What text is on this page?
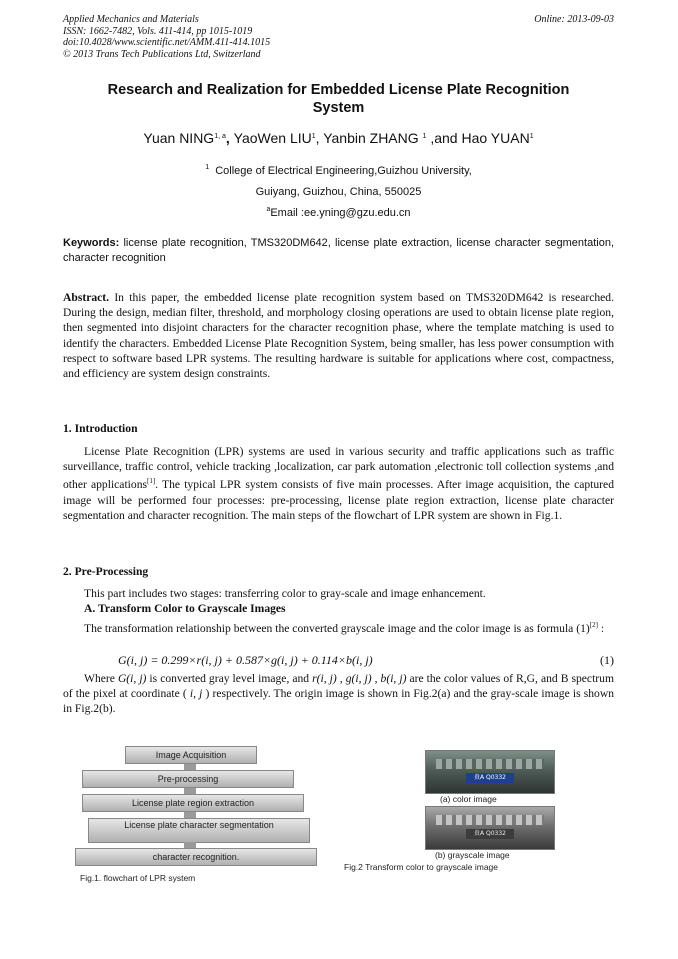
Applied Mechanics and Materials
ISSN: 1662-7482, Vols. 411-414, pp 1015-1019
doi:10.4028/www.scientific.net/AMM.411-414.1015
© 2013 Trans Tech Publications Ltd, Switzerland
Online: 2013-09-03
Research and Realization for Embedded License Plate Recognition
System
Yuan NING$^{1, a}$, YaoWen LIU$^1$, Yanbin ZHANG $^1$ ,and Hao YUAN$^1$
$^1$ College of Electrical Engineering,Guizhou University,
Guiyang, Guizhou, China, 550025
$^a$Email :ee.yning@gzu.edu.cn
Keywords: license plate recognition, TMS320DM642, license plate extraction, license character segmentation, character recognition
Abstract. In this paper, the embedded license plate recognition system based on TMS320DM642 is researched. During the design, median filter, threshold, and morphology closing operations are used to obtain license plate region, then segmented into disjoint characters for the character recognition phase, where the template matching is used to identify the characters. Embedded License Plate Recognition System, being smaller, has less power consumption with respect to software based LPR systems. The resulting hardware is suitable for applications where cost, compactness, and efficiency are system design constraints.
1. Introduction
License Plate Recognition (LPR) systems are used in various security and traffic applications such as traffic surveillance, traffic control, vehicle tracking ,localization, car park automation ,electronic toll collection systems ,and other applications[1]. The typical LPR system consists of five main processes. After image acquisition, the captured image will be performed four processes: pre-processing, license plate region extraction, license plate character segmentation and character recognition. The main steps of the flowchart of LPR system are shown in Fig.1.
2. Pre-Processing
This part includes two stages: transferring color to gray-scale and image enhancement.
A. Transform Color to Grayscale Images
The transformation relationship between the converted grayscale image and the color image is as formula (1)[2] :
G(i, j) = 0.299×r(i, j) + 0.587×g(i, j) + 0.114×b(i, j)	(1)
Where G(i, j) is converted gray level image, and r(i, j) , g(i, j) , b(i, j) are the color values of R,G, and B spectrum of the pixel at coordinate ( i, j ) respectively. The origin image is shown in Fig.2(a) and the gray-scale image is shown in Fig.2(b).
Image Acquisition
Pre-processing
License plate region extraction
License plate character segmentation
character recognition.
Fig.1. flowchart of LPR system
贵A Q0332
(a) color image
贵A Q0332
(b) grayscale image
Fig.2 Transform color to grayscale image
